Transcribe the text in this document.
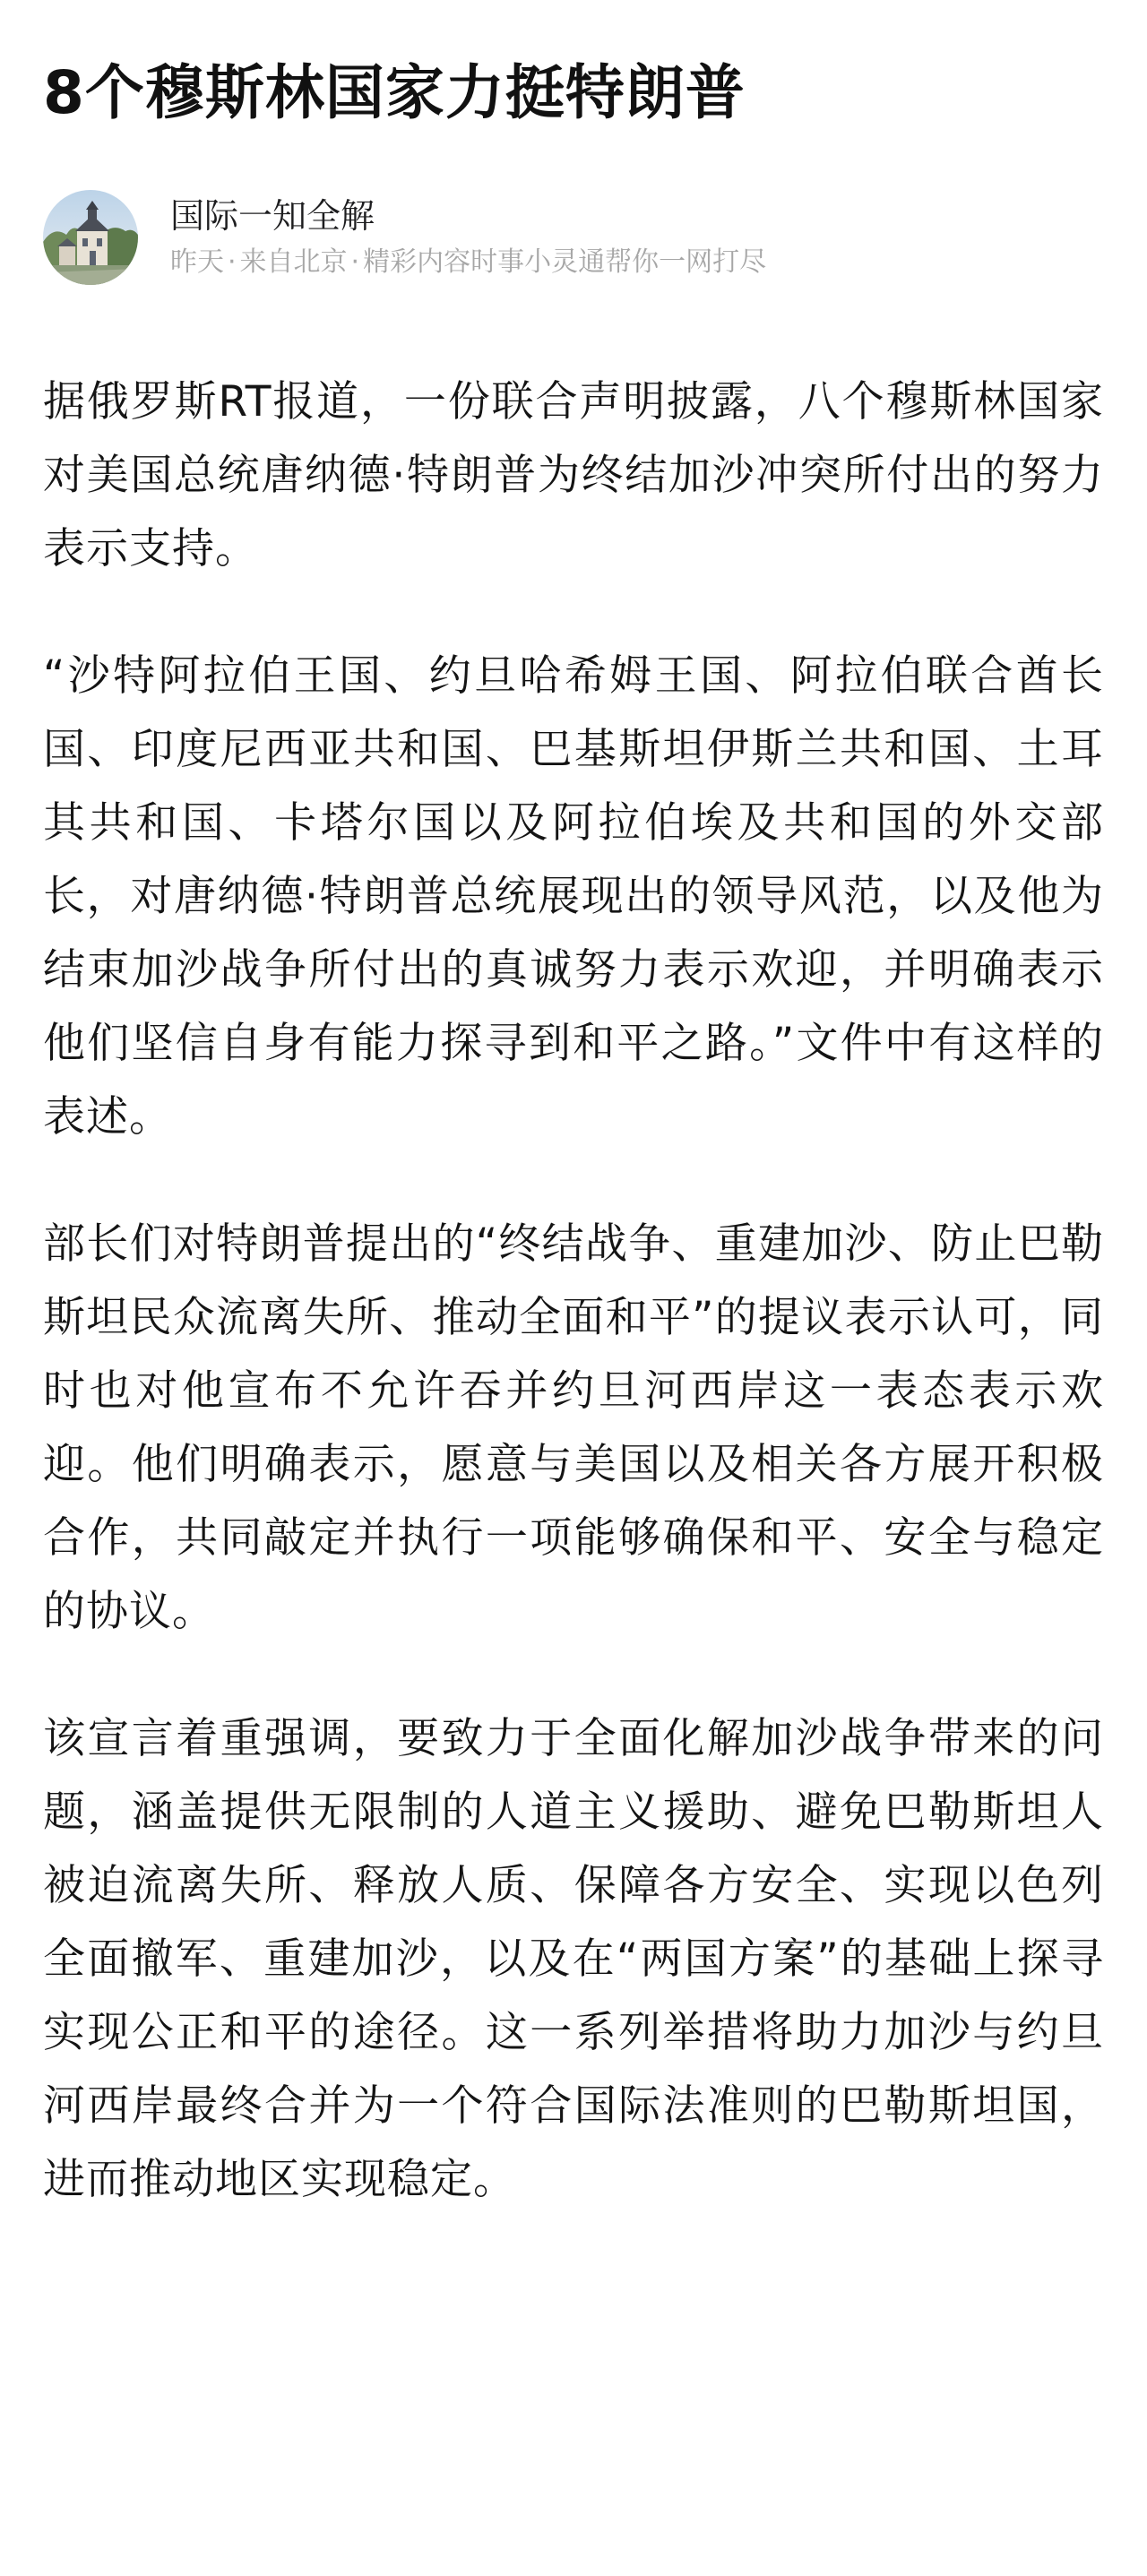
8个穆斯林国家力挺特朗普
国际一知全解
昨天 · 来自北京 · 精彩内容时事小灵通帮你一网打尽

据俄罗斯RT报道，一份联合声明披露，八个穆斯林国家对美国总统唐纳德·特朗普为终结加沙冲突所付出的努力表示支持。

“沙特阿拉伯王国、约旦哈希姆王国、阿拉伯联合酋长国、印度尼西亚共和国、巴基斯坦伊斯兰共和国、土耳其共和国、卡塔尔国以及阿拉伯埃及共和国的外交部长，对唐纳德·特朗普总统展现出的领导风范，以及他为结束加沙战争所付出的真诚努力表示欢迎，并明确表示他们坚信自身有能力探寻到和平之路。”文件中有这样的表述。

部长们对特朗普提出的“终结战争、重建加沙、防止巴勒斯坦民众流离失所、推动全面和平”的提议表示认可，同时也对他宣布不允许吞并约旦河西岸这一表态表示欢迎。他们明确表示，愿意与美国以及相关各方展开积极合作，共同敲定并执行一项能够确保和平、安全与稳定的协议。

该宣言着重强调，要致力于全面化解加沙战争带来的问题，涵盖提供无限制的人道主义援助、避免巴勒斯坦人被迫流离失所、释放人质、保障各方安全、实现以色列全面撤军、重建加沙，以及在“两国方案”的基础上探寻实现公正和平的途径。这一系列举措将助力加沙与约旦河西岸最终合并为一个符合国际法准则的巴勒斯坦国，进而推动地区实现稳定。
